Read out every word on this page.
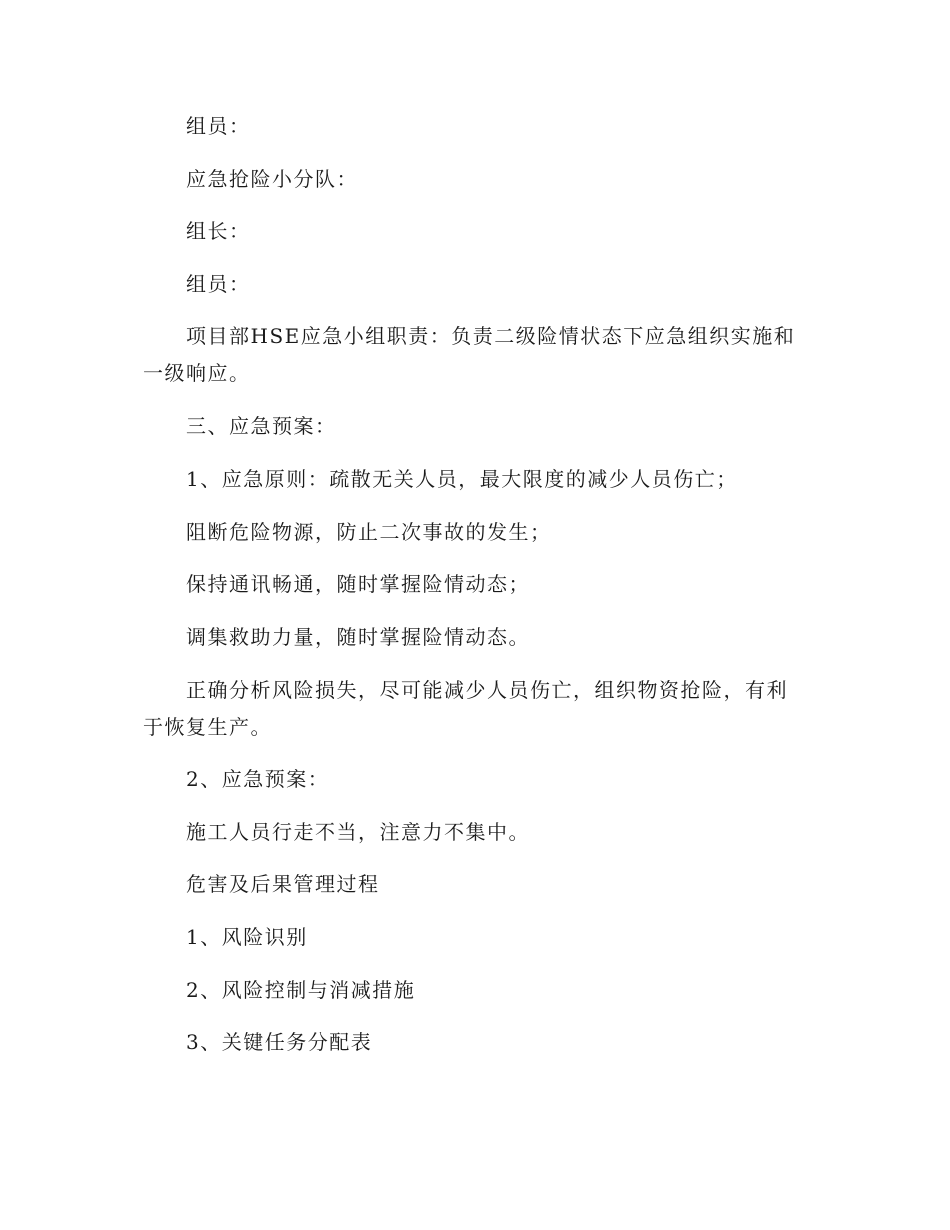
组员：

应急抢险小分队：

组长：

组员：

项目部HSE应急小组职责：负责二级险情状态下应急组织实施和一级响应。

三、应急预案：

1、应急原则：疏散无关人员，最大限度的减少人员伤亡；

阻断危险物源，防止二次事故的发生；

保持通讯畅通，随时掌握险情动态；

调集救助力量，随时掌握险情动态。

正确分析风险损失，尽可能减少人员伤亡，组织物资抢险，有利于恢复生产。

2、应急预案：

施工人员行走不当，注意力不集中。

危害及后果管理过程

1、风险识别

2、风险控制与消减措施

3、关键任务分配表
